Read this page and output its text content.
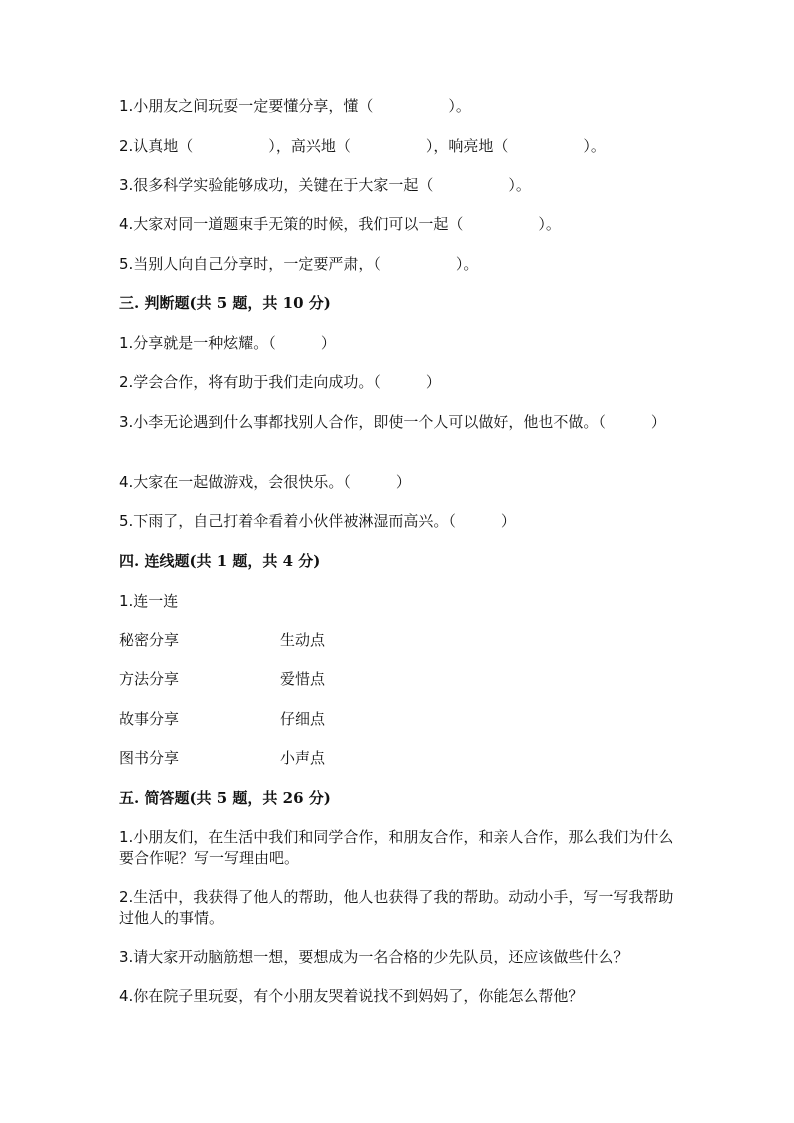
1.小朋友之间玩耍一定要懂分享，懂（　　　　　）。
2.认真地（　　　　　），高兴地（　　　　　），响亮地（　　　　　）。
3.很多科学实验能够成功，关键在于大家一起（　　　　　）。
4.大家对同一道题束手无策的时候，我们可以一起（　　　　　）。
5.当别人向自己分享时，一定要严肃，（　　　　　）。
三. 判断题(共 5 题，共 10 分)
1.分享就是一种炫耀。（　　　）
2.学会合作，将有助于我们走向成功。（　　　）
3.小李无论遇到什么事都找别人合作，即使一个人可以做好，他也不做。（　　　）
4.大家在一起做游戏，会很快乐。（　　　）
5.下雨了，自己打着伞看着小伙伴被淋湿而高兴。（　　　）
四. 连线题(共 1 题，共 4 分)
1.连一连
秘密分享	生动点
方法分享	爱惜点
故事分享	仔细点
图书分享	小声点
五. 简答题(共 5 题，共 26 分)
1.小朋友们，在生活中我们和同学合作，和朋友合作，和亲人合作，那么我们为什么要合作呢？写一写理由吧。
2.生活中，我获得了他人的帮助，他人也获得了我的帮助。动动小手，写一写我帮助过他人的事情。
3.请大家开动脑筋想一想，要想成为一名合格的少先队员，还应该做些什么？
4.你在院子里玩耍，有个小朋友哭着说找不到妈妈了，你能怎么帮他？
